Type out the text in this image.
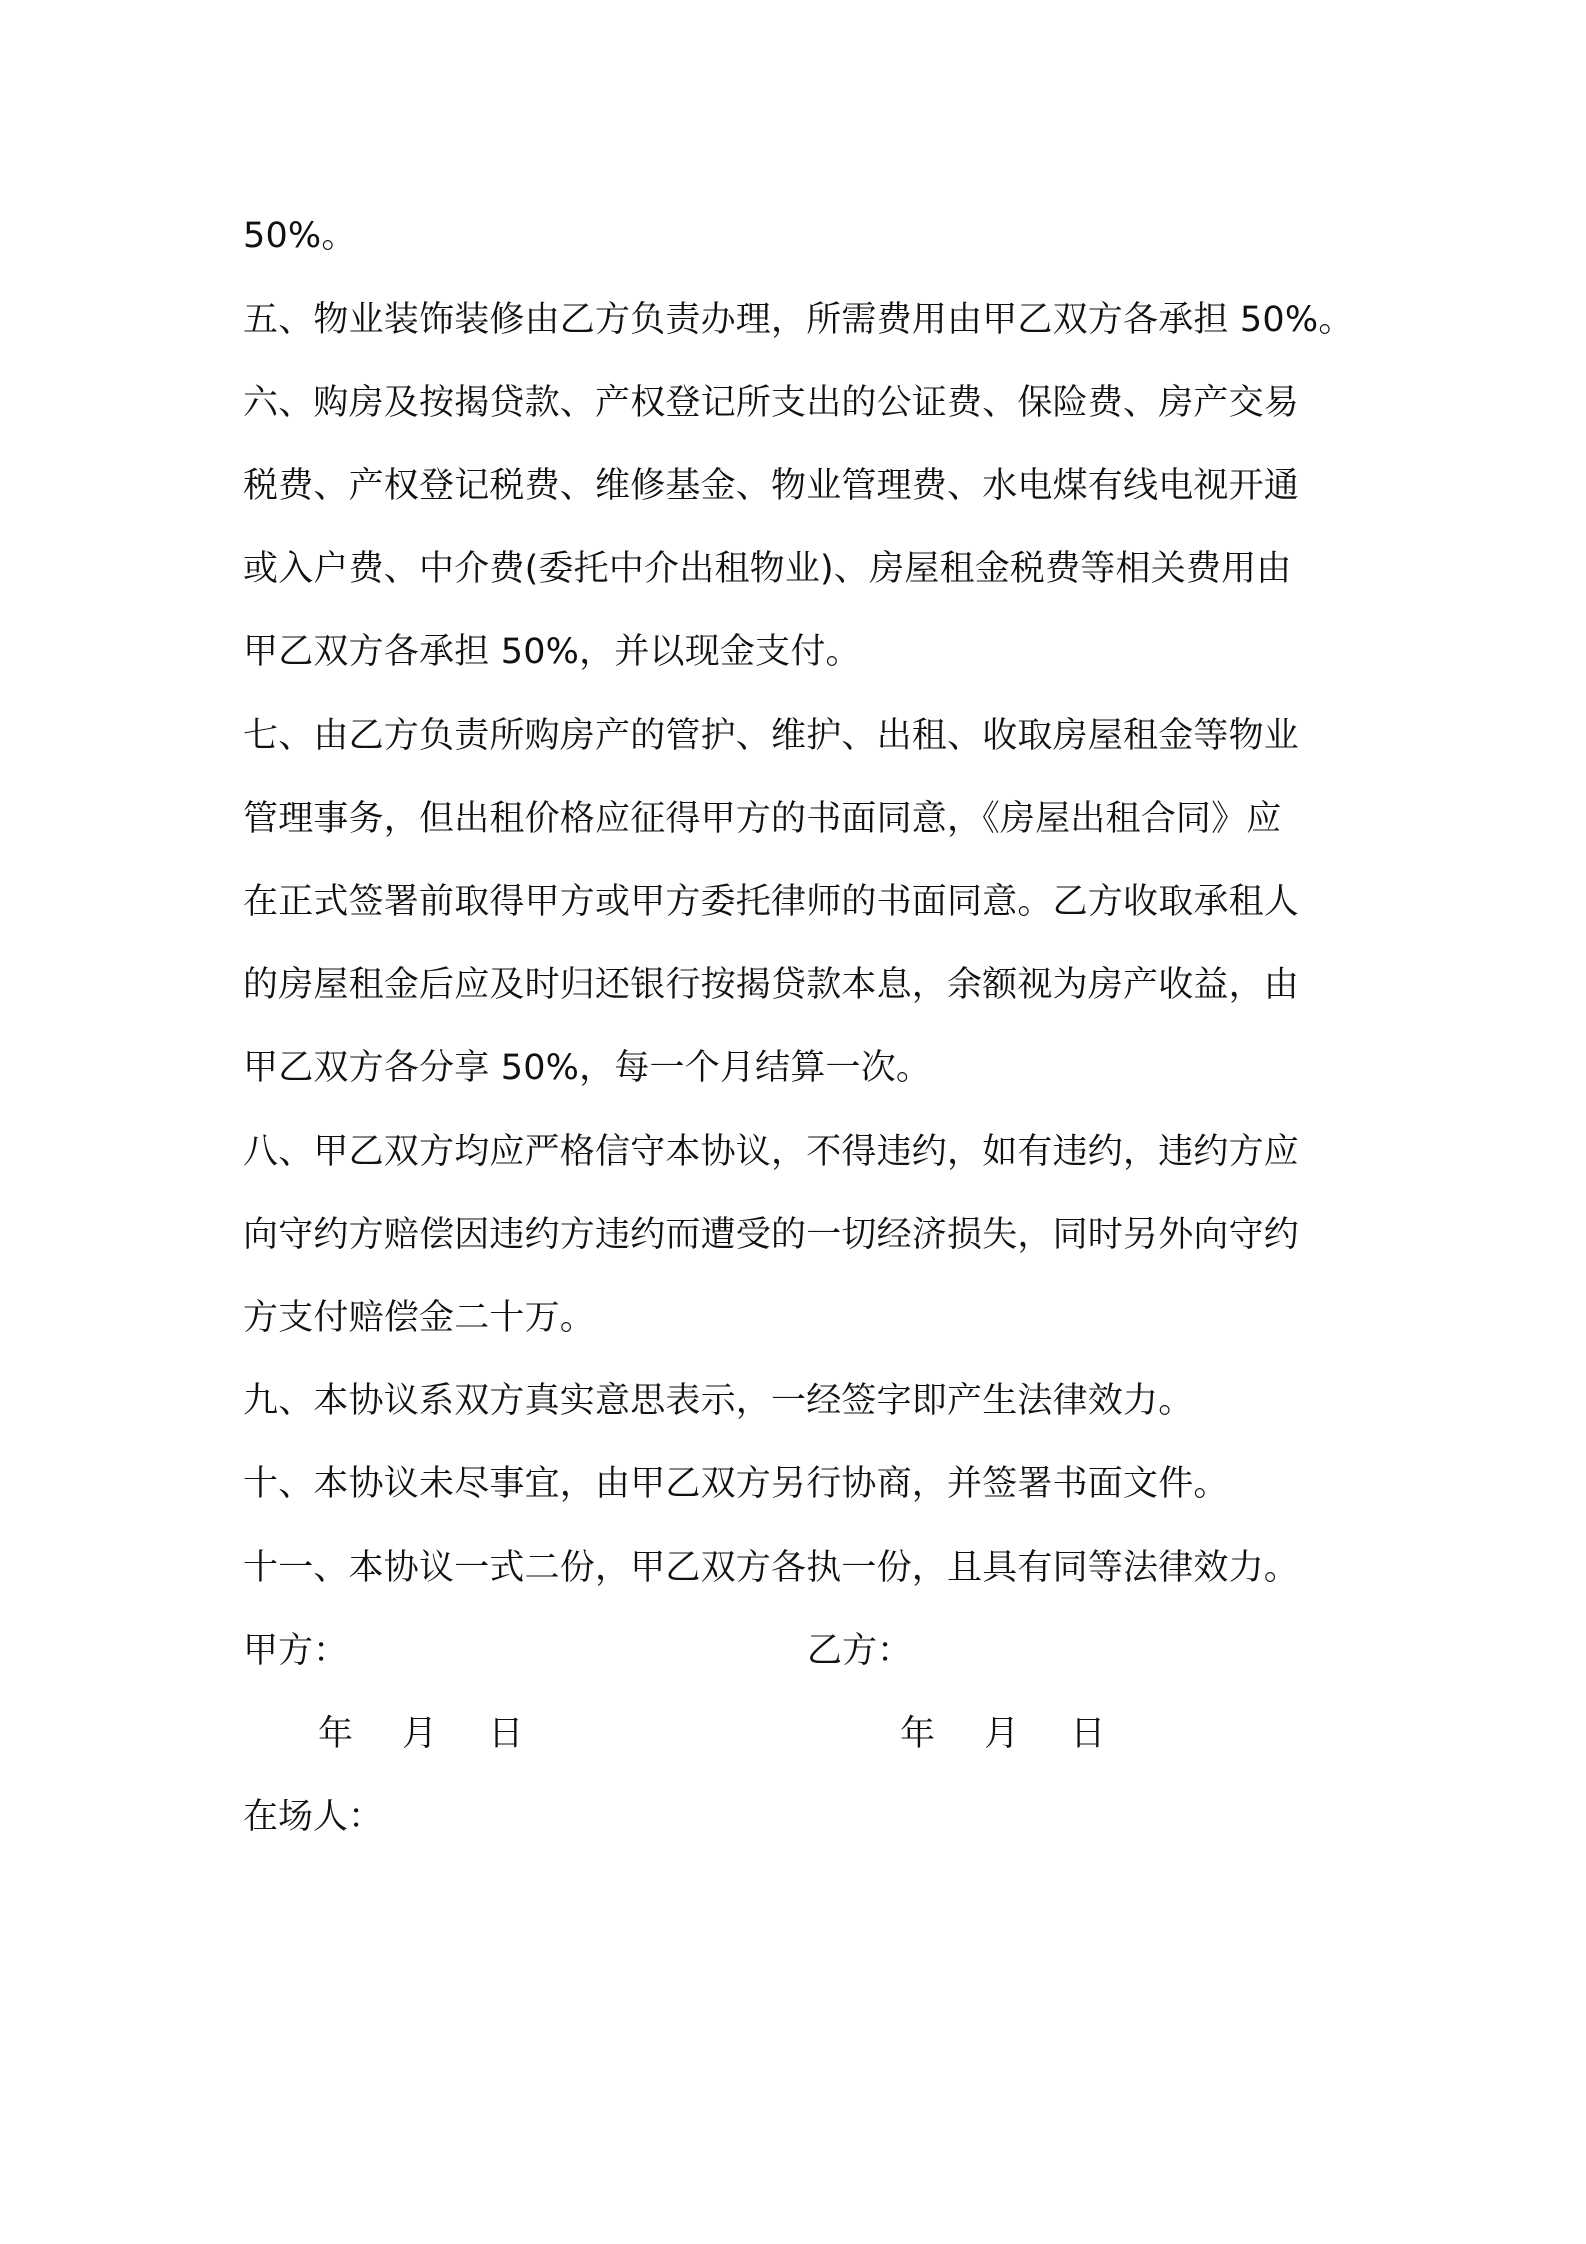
50%。
五、物业装饰装修由乙方负责办理，所需费用由甲乙双方各承担 50%。
六、购房及按揭贷款、产权登记所支出的公证费、保险费、房产交易
税费、产权登记税费、维修基金、物业管理费、水电煤有线电视开通
或入户费、中介费(委托中介出租物业)、房屋租金税费等相关费用由
甲乙双方各承担 50%，并以现金支付。
七、由乙方负责所购房产的管护、维护、出租、收取房屋租金等物业
管理事务，但出租价格应征得甲方的书面同意，《房屋出租合同》应
在正式签署前取得甲方或甲方委托律师的书面同意。乙方收取承租人
的房屋租金后应及时归还银行按揭贷款本息，余额视为房产收益，由
甲乙双方各分享 50%，每一个月结算一次。
八、甲乙双方均应严格信守本协议，不得违约，如有违约，违约方应
向守约方赔偿因违约方违约而遭受的一切经济损失，同时另外向守约
方支付赔偿金二十万。
九、本协议系双方真实意思表示，一经签字即产生法律效力。
十、本协议未尽事宜，由甲乙双方另行协商，并签署书面文件。
十一、本协议一式二份，甲乙双方各执一份，且具有同等法律效力。
甲方：	乙方：
年 月 日	年 月 日
在场人：
